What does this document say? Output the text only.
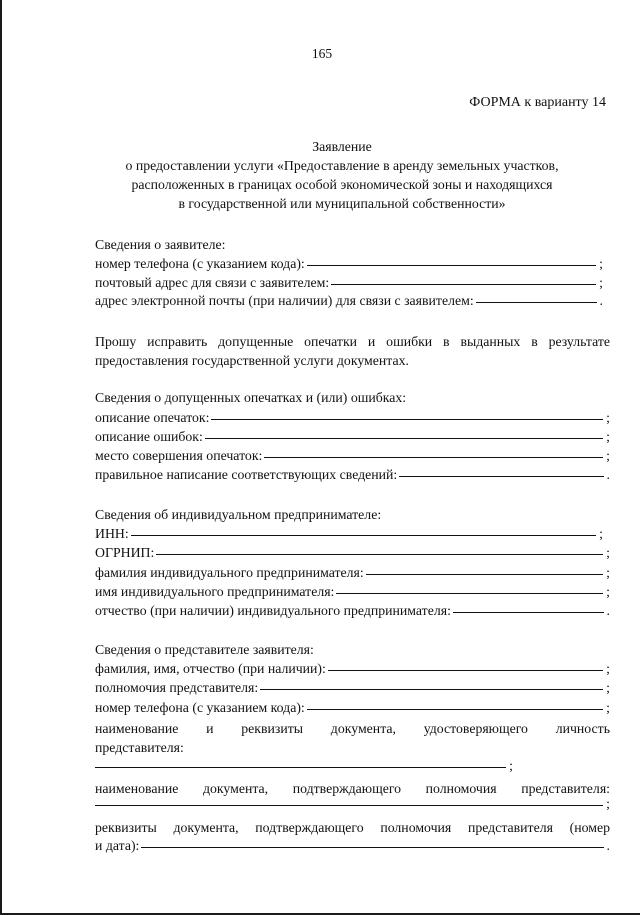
165
ФОРМА к варианту 14
Заявление
о предоставлении услуги «Предоставление в аренду земельных участков,
расположенных в границах особой экономической зоны и находящихся
в государственной или муниципальной собственности»
Сведения о заявителе:
номер телефона (с указанием кода):	;
почтовый адрес для связи с заявителем:	;
адрес электронной почты (при наличии) для связи с заявителем:	.
Прошу исправить допущенные опечатки и ошибки в выданных в результате
предоставления государственной услуги документах.
Сведения о допущенных опечатках и (или) ошибках:
описание опечаток:	;
описание ошибок:	;
место совершения опечаток:	;
правильное написание соответствующих сведений:	.
Сведения об индивидуальном предпринимателе:
ИНН:	;
ОГРНИП:	;
фамилия индивидуального предпринимателя:	;
имя индивидуального предпринимателя:	;
отчество (при наличии) индивидуального предпринимателя:	.
Сведения о представителе заявителя:
фамилия, имя, отчество (при наличии):	;
полномочия представителя:	;
номер телефона (с указанием кода):	;
наименование и реквизиты документа, удостоверяющего личность
представителя:
;
наименование документа, подтверждающего полномочия представителя:
;
реквизиты документа, подтверждающего полномочия представителя (номер
и дата):	.
